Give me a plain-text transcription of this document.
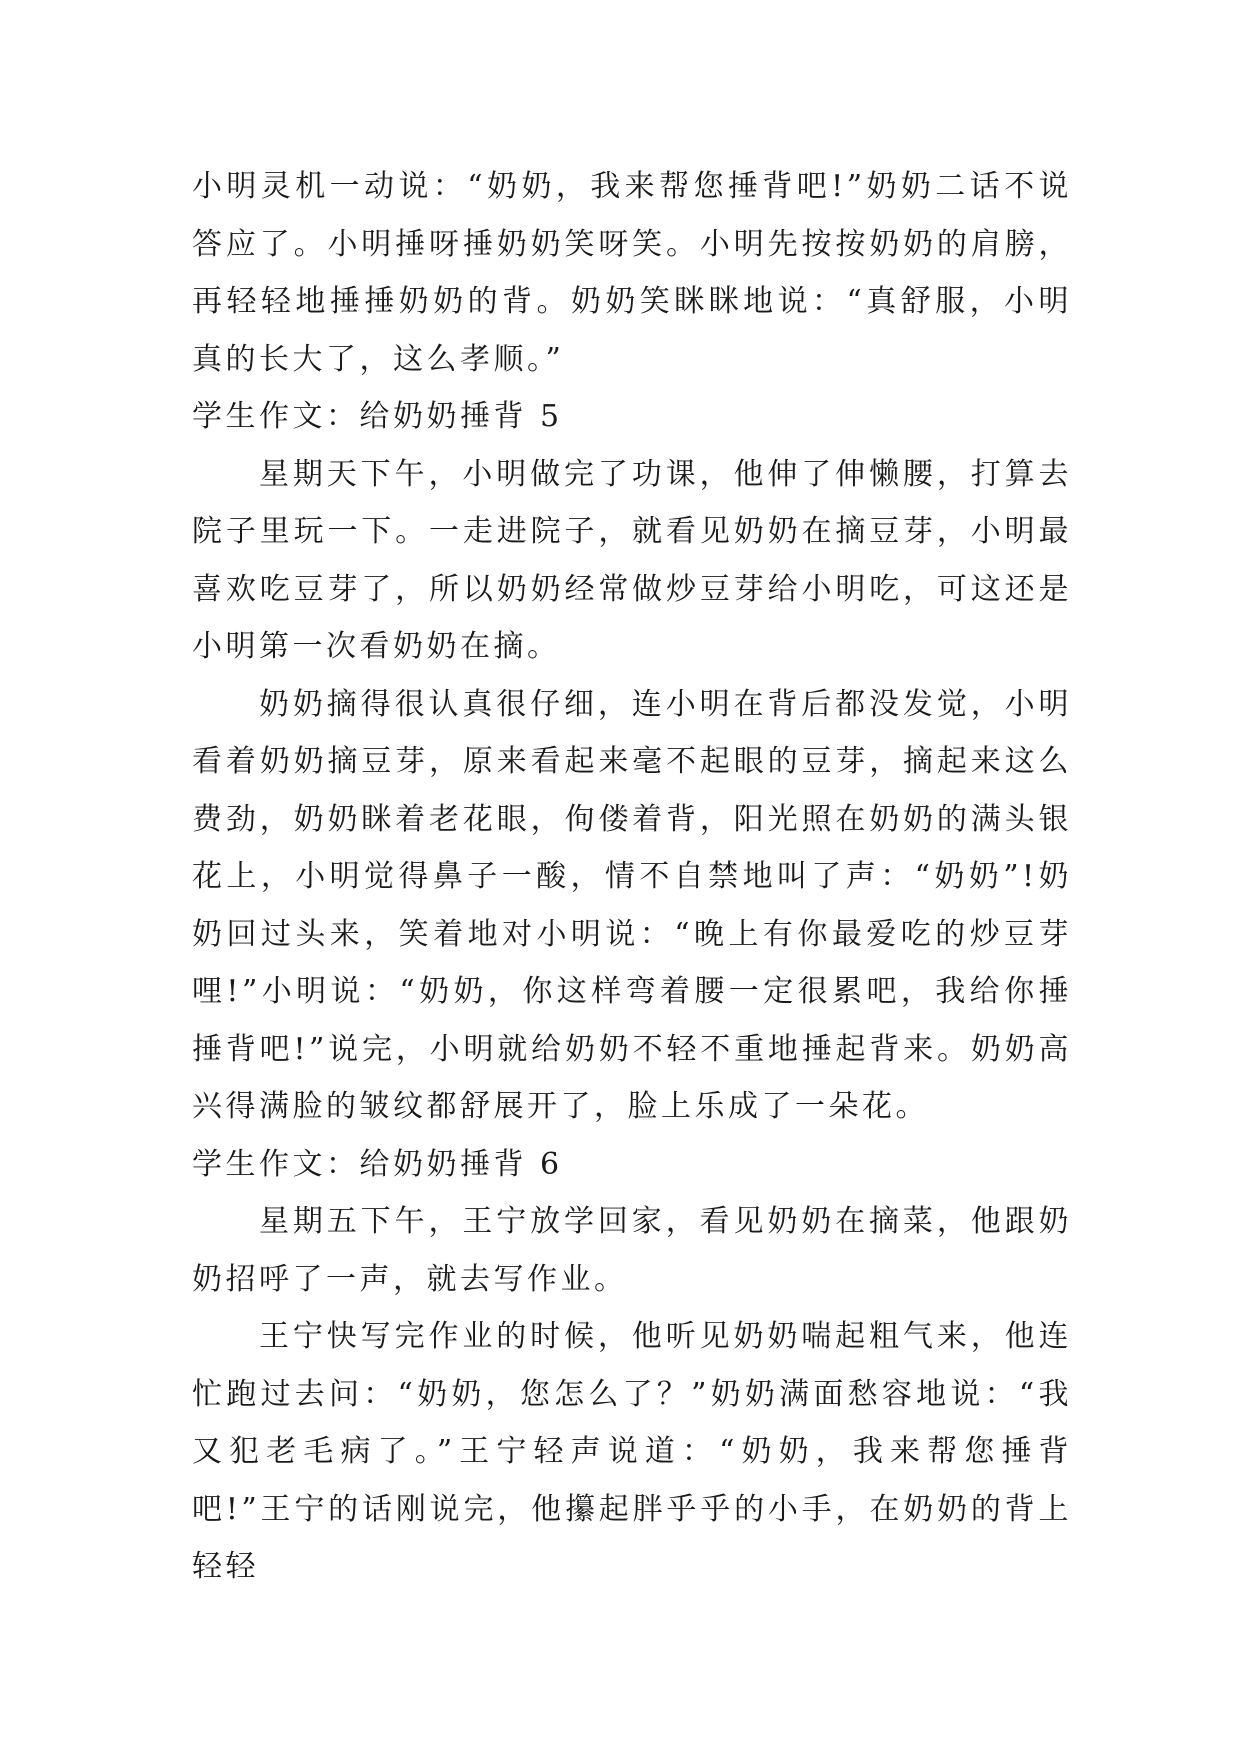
小明灵机一动说：“奶奶，我来帮您捶背吧!”奶奶二话不说答应了。小明捶呀捶奶奶笑呀笑。小明先按按奶奶的肩膀，再轻轻地捶捶奶奶的背。奶奶笑眯眯地说：“真舒服，小明真的长大了，这么孝顺。”

学生作文：给奶奶捶背 5

星期天下午，小明做完了功课，他伸了伸懒腰，打算去院子里玩一下。一走进院子，就看见奶奶在摘豆芽，小明最喜欢吃豆芽了，所以奶奶经常做炒豆芽给小明吃，可这还是小明第一次看奶奶在摘。

奶奶摘得很认真很仔细，连小明在背后都没发觉，小明看着奶奶摘豆芽，原来看起来毫不起眼的豆芽，摘起来这么费劲，奶奶眯着老花眼，佝偻着背，阳光照在奶奶的满头银花上，小明觉得鼻子一酸，情不自禁地叫了声：“奶奶”!奶奶回过头来，笑着地对小明说：“晚上有你最爱吃的炒豆芽哩!”小明说：“奶奶，你这样弯着腰一定很累吧，我给你捶捶背吧!”说完，小明就给奶奶不轻不重地捶起背来。奶奶高兴得满脸的皱纹都舒展开了，脸上乐成了一朵花。

学生作文：给奶奶捶背 6

星期五下午，王宁放学回家，看见奶奶在摘菜，他跟奶奶招呼了一声，就去写作业。

王宁快写完作业的时候，他听见奶奶喘起粗气来，他连忙跑过去问：“奶奶，您怎么了？”奶奶满面愁容地说：“我又犯老毛病了。”王宁轻声说道：“奶奶，我来帮您捶背吧!”王宁的话刚说完，他攥起胖乎乎的小手，在奶奶的背上轻轻
